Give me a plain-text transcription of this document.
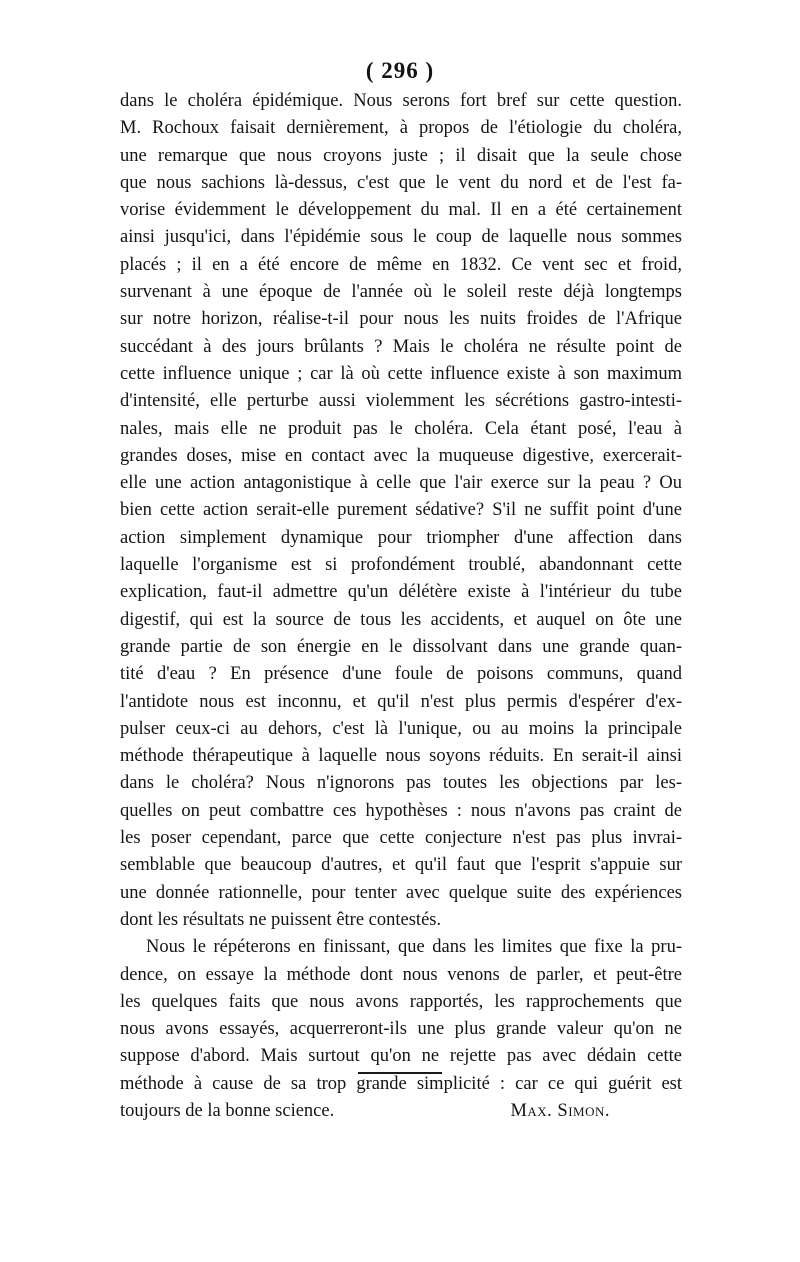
( 296 )
dans le choléra épidémique. Nous serons fort bref sur cette question.
M. Rochoux faisait dernièrement, à propos de l'étiologie du choléra,
une remarque que nous croyons juste ; il disait que la seule chose
que nous sachions là-dessus, c'est que le vent du nord et de l'est fa-
vorise évidemment le développement du mal. Il en a été certainement
ainsi jusqu'ici, dans l'épidémie sous le coup de laquelle nous sommes
placés ; il en a été encore de même en 1832. Ce vent sec et froid,
survenant à une époque de l'année où le soleil reste déjà longtemps
sur notre horizon, réalise-t-il pour nous les nuits froides de l'Afrique
succédant à des jours brûlants ? Mais le choléra ne résulte point de
cette influence unique ; car là où cette influence existe à son maximum
d'intensité, elle perturbe aussi violemment les sécrétions gastro-intesti-
nales, mais elle ne produit pas le choléra. Cela étant posé, l'eau à
grandes doses, mise en contact avec la muqueuse digestive, exercerait-
elle une action antagonistique à celle que l'air exerce sur la peau ? Ou
bien cette action serait-elle purement sédative? S'il ne suffit point d'une
action simplement dynamique pour triompher d'une affection dans
laquelle l'organisme est si profondément troublé, abandonnant cette
explication, faut-il admettre qu'un délétère existe à l'intérieur du tube
digestif, qui est la source de tous les accidents, et auquel on ôte une
grande partie de son énergie en le dissolvant dans une grande quan-
tité d'eau ? En présence d'une foule de poisons communs, quand
l'antidote nous est inconnu, et qu'il n'est plus permis d'espérer d'ex-
pulser ceux-ci au dehors, c'est là l'unique, ou au moins la principale
méthode thérapeutique à laquelle nous soyons réduits. En serait-il ainsi
dans le choléra? Nous n'ignorons pas toutes les objections par les-
quelles on peut combattre ces hypothèses : nous n'avons pas craint de
les poser cependant, parce que cette conjecture n'est pas plus invrai-
semblable que beaucoup d'autres, et qu'il faut que l'esprit s'appuie sur
une donnée rationnelle, pour tenter avec quelque suite des expériences
dont les résultats ne puissent être contestés.
Nous le répéterons en finissant, que dans les limites que fixe la pru-
dence, on essaye la méthode dont nous venons de parler, et peut-être
les quelques faits que nous avons rapportés, les rapprochements que
nous avons essayés, acquerreront-ils une plus grande valeur qu'on ne
suppose d'abord. Mais surtout qu'on ne rejette pas avec dédain cette
méthode à cause de sa trop grande simplicité : car ce qui guérit est
toujours de la bonne science.	Max. Simon.
